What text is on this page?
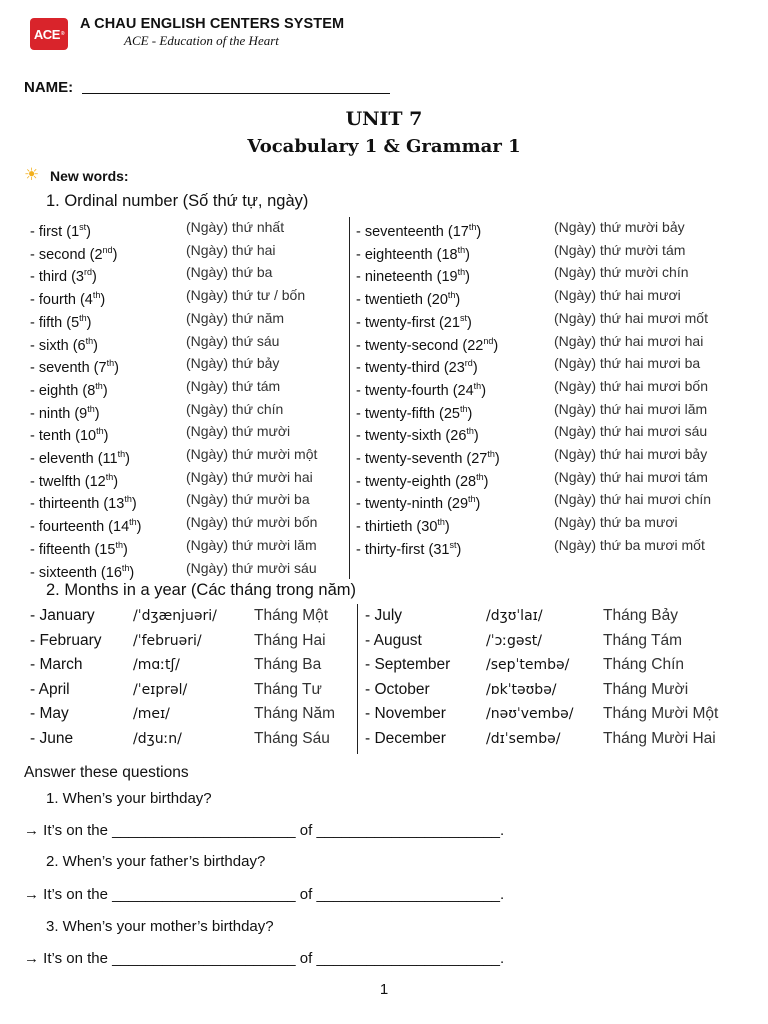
ACE ®
A CHAU ENGLISH CENTERS SYSTEM
ACE - Education of the Heart
NAME:
UNIT 7
Vocabulary 1 & Grammar 1
☀ New words:
1. Ordinal number (Số thứ tự, ngày)
- first (1st)	(Ngày) thứ nhất
- second (2nd)	(Ngày) thứ hai
- third (3rd)	(Ngày) thứ ba
- fourth (4th)	(Ngày) thứ tư / bốn
- fifth (5th)	(Ngày) thứ năm
- sixth (6th)	(Ngày) thứ sáu
- seventh (7th)	(Ngày) thứ bảy
- eighth (8th)	(Ngày) thứ tám
- ninth (9th)	(Ngày) thứ chín
- tenth (10th)	(Ngày) thứ mười
- eleventh (11th)	(Ngày) thứ mười một
- twelfth (12th)	(Ngày) thứ mười hai
- thirteenth (13th)	(Ngày) thứ mười ba
- fourteenth (14th)	(Ngày) thứ mười bốn
- fifteenth (15th)	(Ngày) thứ mười lăm
- sixteenth (16th)	(Ngày) thứ mười sáu
- seventeenth (17th)	(Ngày) thứ mười bảy
- eighteenth (18th)	(Ngày) thứ mười tám
- nineteenth (19th)	(Ngày) thứ mười chín
- twentieth (20th)	(Ngày) thứ hai mươi
- twenty-first (21st)	(Ngày) thứ hai mươi mốt
- twenty-second (22nd)	(Ngày) thứ hai mươi hai
- twenty-third (23rd)	(Ngày) thứ hai mươi ba
- twenty-fourth (24th)	(Ngày) thứ hai mươi bốn
- twenty-fifth (25th)	(Ngày) thứ hai mươi lăm
- twenty-sixth (26th)	(Ngày) thứ hai mươi sáu
- twenty-seventh (27th)	(Ngày) thứ hai mươi bảy
- twenty-eighth (28th)	(Ngày) thứ hai mươi tám
- twenty-ninth (29th)	(Ngày) thứ hai mươi chín
- thirtieth (30th)	(Ngày) thứ ba mươi
- thirty-first (31st)	(Ngày) thứ ba mươi mốt
2. Months in a year (Các tháng trong năm)
- January	/ˈdʒænjuəri/ Tháng Một
- February /ˈfebruəri/	Tháng Hai
- March	/mɑːtʃ/	Tháng Ba
- April	/ˈeɪprəl/	Tháng Tư
- May	/meɪ/	Tháng Năm
- June	/dʒuːn/	Tháng Sáu
- July	/dʒʊˈlaɪ/	Tháng Bảy
- August	/ˈɔːgəst/	Tháng Tám
- September	/sepˈtembə/ Tháng Chín
- October	/ɒkˈtəʊbə/	Tháng Mười
- November	/nəʊˈvembə/ Tháng Mười Một
- December	/dɪˈsembə/	Tháng Mười Hai
Answer these questions
1. When’s your birthday?
→ It’s on the ______________________ of ______________________.
2. When’s your father’s birthday?
→ It’s on the ______________________ of ______________________.
3. When’s your mother’s birthday?
→ It’s on the ______________________ of ______________________.
1
